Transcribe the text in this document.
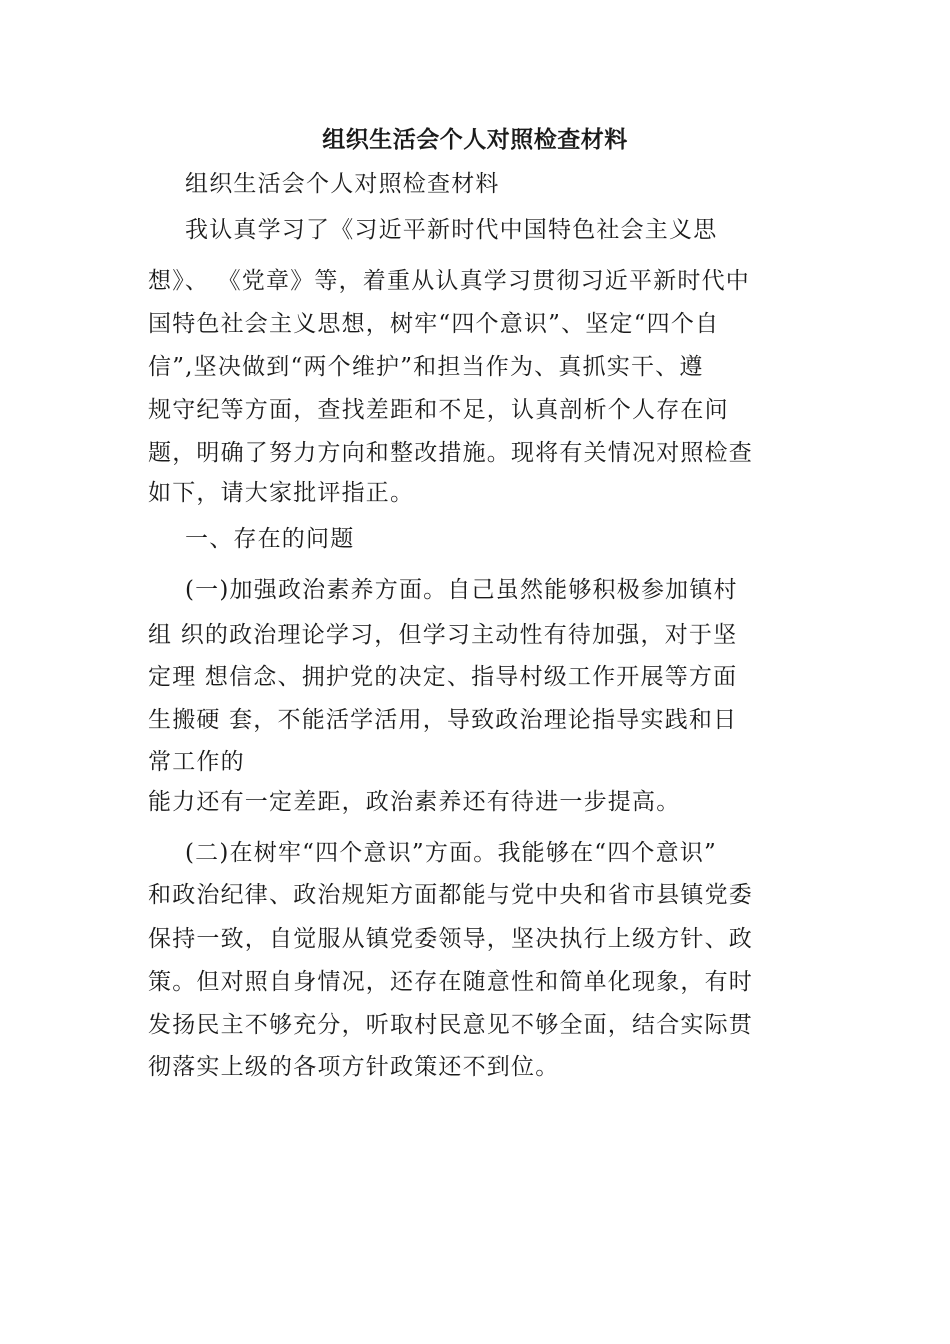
组织生活会个人对照检查材料
组织生活会个人对照检查材料
我认真学习了《习近平新时代中国特色社会主义思
想》、 《党章》等，着重从认真学习贯彻习近平新时代中
国特色社会主义思想，树牢“四个意识”、坚定“四个自
信”,坚决做到“两个维护”和担当作为、真抓实干、遵
规守纪等方面，查找差距和不足，认真剖析个人存在问
题，明确了努力方向和整改措施。现将有关情况对照检查
如下，请大家批评指正。
一、存在的问题
(一)加强政治素养方面。自己虽然能够积极参加镇村
组 织的政治理论学习，但学习主动性有待加强，对于坚
定理 想信念、拥护党的决定、指导村级工作开展等方面
生搬硬 套，不能活学活用，导致政治理论指导实践和日
常工作的
能力还有一定差距，政治素养还有待进一步提高。
(二)在树牢“四个意识”方面。我能够在“四个意识”
和政治纪律、政治规矩方面都能与党中央和省市县镇党委
保持一致，自觉服从镇党委领导，坚决执行上级方针、政
策。但对照自身情况，还存在随意性和简单化现象，有时
发扬民主不够充分，听取村民意见不够全面，结合实际贯
彻落实上级的各项方针政策还不到位。
